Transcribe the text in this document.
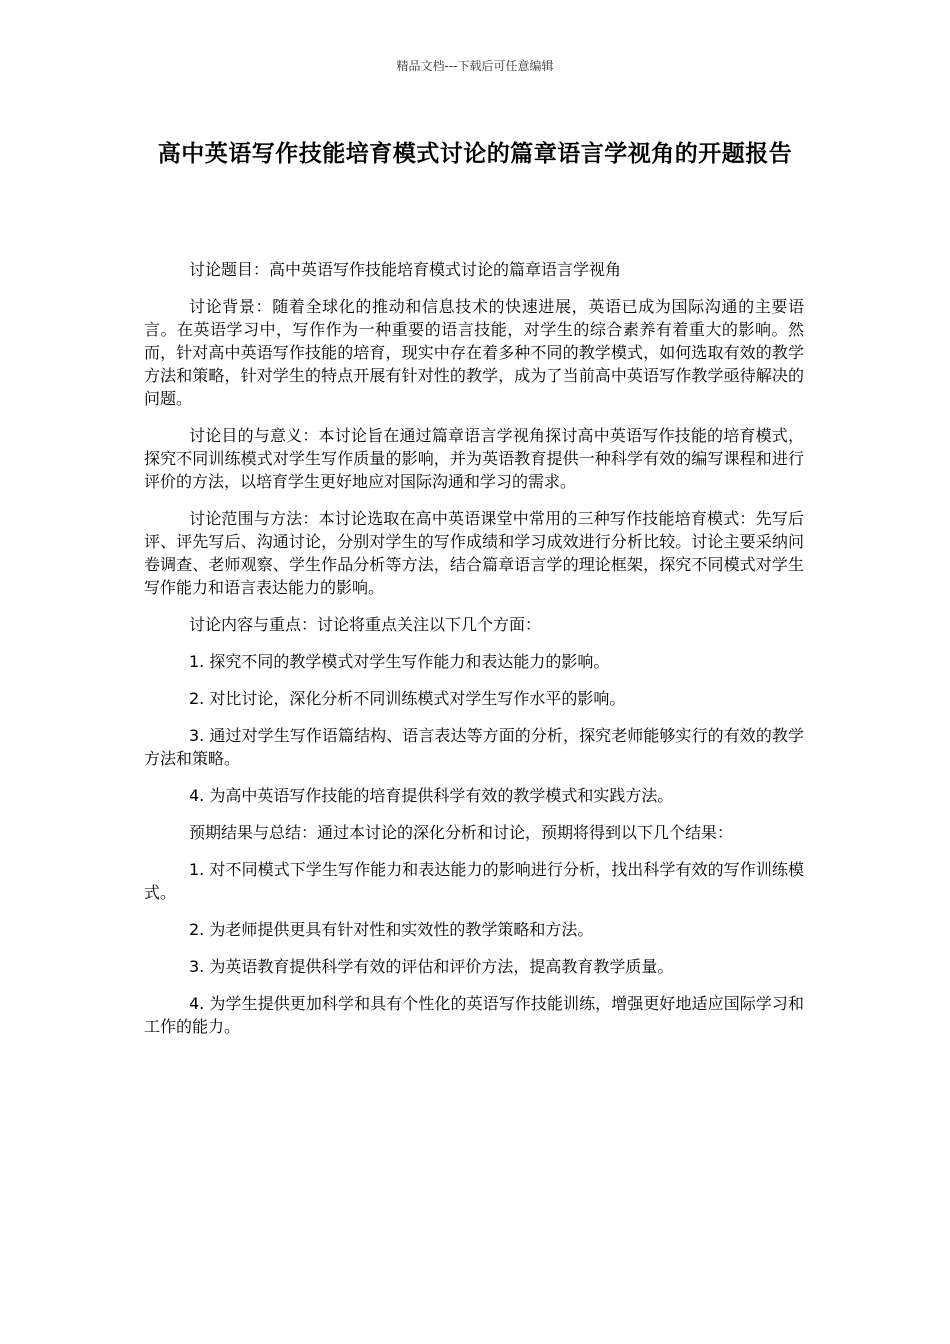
精品文档---下载后可任意编辑
高中英语写作技能培育模式讨论的篇章语言学视角的开题报告

讨论题目：高中英语写作技能培育模式讨论的篇章语言学视角

讨论背景：随着全球化的推动和信息技术的快速进展，英语已成为国际沟通的主要语言。在英语学习中，写作作为一种重要的语言技能，对学生的综合素养有着重大的影响。然而，针对高中英语写作技能的培育，现实中存在着多种不同的教学模式，如何选取有效的教学方法和策略，针对学生的特点开展有针对性的教学，成为了当前高中英语写作教学亟待解决的问题。

讨论目的与意义：本讨论旨在通过篇章语言学视角探讨高中英语写作技能的培育模式，探究不同训练模式对学生写作质量的影响，并为英语教育提供一种科学有效的编写课程和进行评价的方法，以培育学生更好地应对国际沟通和学习的需求。

讨论范围与方法：本讨论选取在高中英语课堂中常用的三种写作技能培育模式：先写后评、评先写后、沟通讨论，分别对学生的写作成绩和学习成效进行分析比较。讨论主要采纳问卷调查、老师观察、学生作品分析等方法，结合篇章语言学的理论框架，探究不同模式对学生写作能力和语言表达能力的影响。

讨论内容与重点：讨论将重点关注以下几个方面：

1. 探究不同的教学模式对学生写作能力和表达能力的影响。

2. 对比讨论，深化分析不同训练模式对学生写作水平的影响。

3. 通过对学生写作语篇结构、语言表达等方面的分析，探究老师能够实行的有效的教学方法和策略。

4. 为高中英语写作技能的培育提供科学有效的教学模式和实践方法。

预期结果与总结：通过本讨论的深化分析和讨论，预期将得到以下几个结果：

1. 对不同模式下学生写作能力和表达能力的影响进行分析，找出科学有效的写作训练模式。

2. 为老师提供更具有针对性和实效性的教学策略和方法。

3. 为英语教育提供科学有效的评估和评价方法，提高教育教学质量。

4. 为学生提供更加科学和具有个性化的英语写作技能训练，增强更好地适应国际学习和工作的能力。
